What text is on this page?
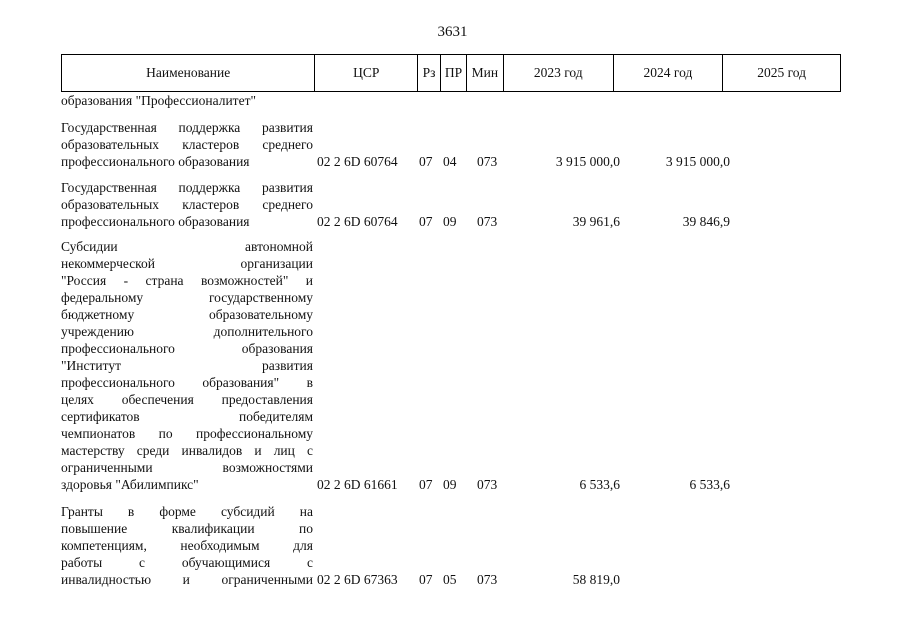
3631
Наименование	ЦСР	Рз ПР Мин	2023 год	2024 год	2025 год
образования "Профессионалитет"
Государственная поддержка развития
образовательных кластеров среднего
профессионального образования	02 2 6D 60764 07 04 073	3 915 000,0	3 915 000,0
Государственная поддержка развития
образовательных кластеров среднего
профессионального образования	02 2 6D 60764 07 09 073	39 961,6	39 846,9
Субсидии автономной
некоммерческой организации
"Россия - страна возможностей" и
федеральному государственному
бюджетному образовательному
учреждению дополнительного
профессионального образования
"Институт развития
профессионального образования" в
целях обеспечения предоставления
сертификатов победителям
чемпионатов по профессиональному
мастерству среди инвалидов и лиц с
ограниченными возможностями
здоровья "Абилимпикс"	02 2 6D 61661 07 09 073	6 533,6	6 533,6
Гранты в форме субсидий на
повышение квалификации по
компетенциям, необходимым для
работы с обучающимися с
инвалидностью и ограниченными 02 2 6D 67363 07 05 073	58 819,0
